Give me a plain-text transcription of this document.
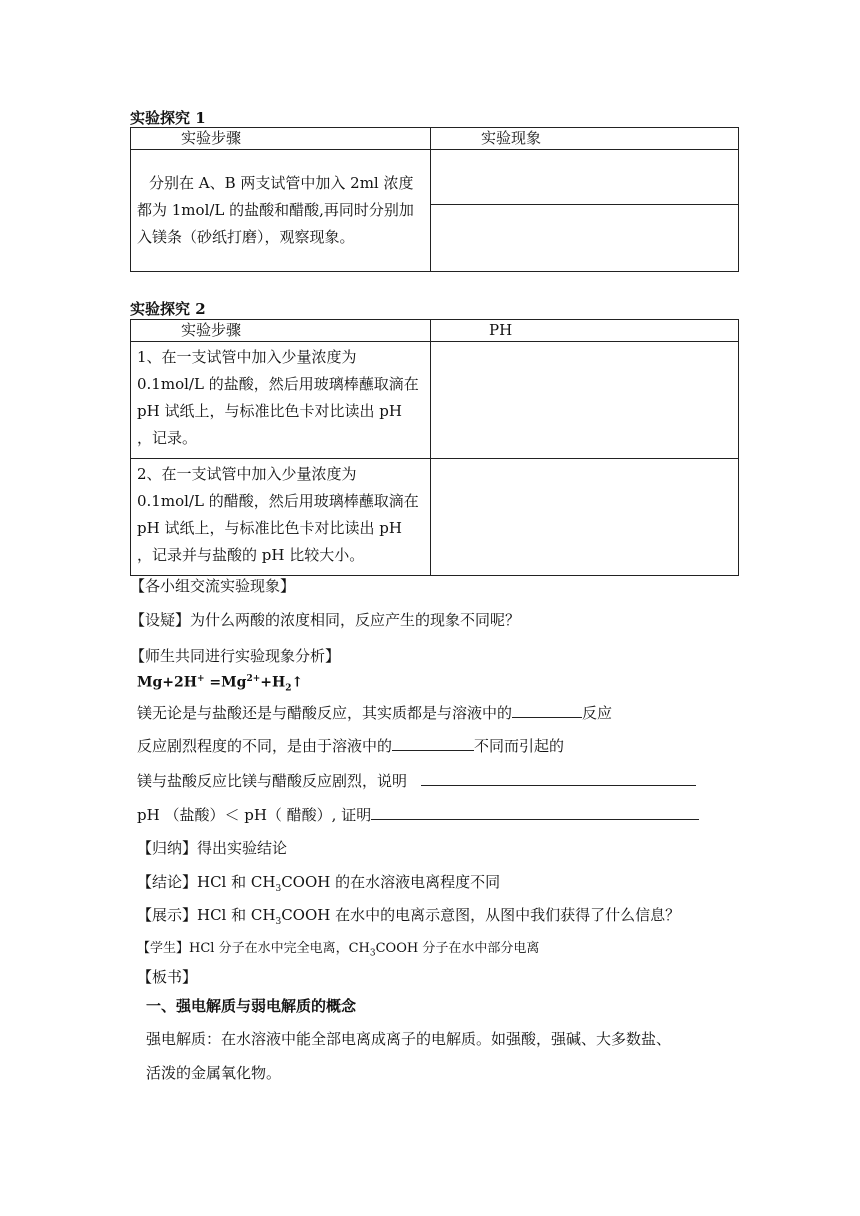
实验探究 1
实验步骤	实验现象

分别在 A、B 两支试管中加入 2ml 浓度都为 1mol/L 的盐酸和醋酸,再同时分别加入镁条（砂纸打磨），观察现象。	

实验探究 2
实验步骤	PH

1、在一支试管中加入少量浓度为 0.1mol/L 的盐酸，然后用玻璃棒蘸取滴在 pH 试纸上，与标准比色卡对比读出 pH ，记录。	

2、在一支试管中加入少量浓度为 0.1mol/L 的醋酸，然后用玻璃棒蘸取滴在 pH 试纸上，与标准比色卡对比读出 pH ，记录并与盐酸的 pH 比较大小。	

【各小组交流实验现象】
【设疑】为什么两酸的浓度相同，反应产生的现象不同呢？
【师生共同进行实验现象分析】
$Mg+2H^+ =Mg^{2+}+H_2↑$
镁无论是与盐酸还是与醋酸反应，其实质都是与溶液中的	反应
反应剧烈程度的不同，是由于溶液中的	不同而引起的
镁与盐酸反应比镁与醋酸反应剧烈，说明
pH （盐酸）＜ pH（ 醋酸）, 证明
【归纳】得出实验结论
【结论】HCl 和 $CH_3COOH$ 的在水溶液电离程度不同
【展示】HCl 和 $CH_3COOH$ 在水中的电离示意图，从图中我们获得了什么信息？
【学生】HCl 分子在水中完全电离，$CH_3COOH$ 分子在水中部分电离
【板书】
一、强电解质与弱电解质的概念
强电解质：在水溶液中能全部电离成离子的电解质。如强酸，强碱、大多数盐、
活泼的金属氧化物。
